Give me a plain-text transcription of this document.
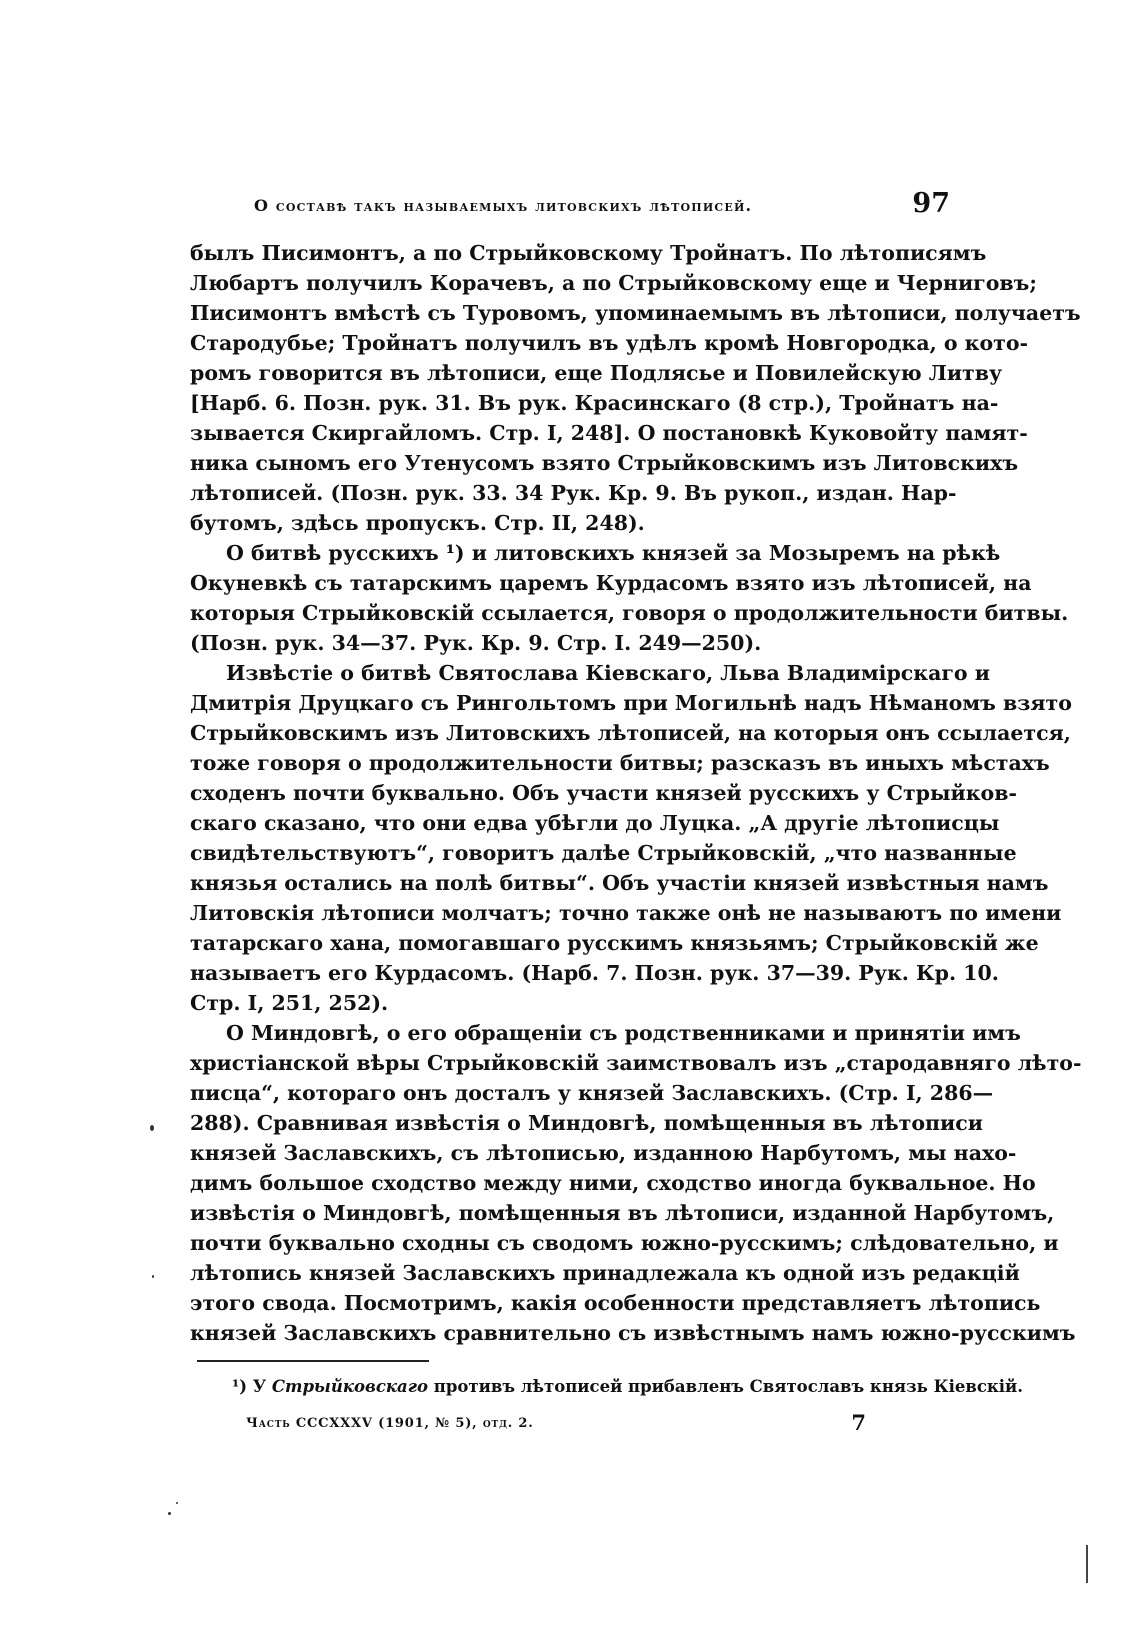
О составѣ такъ называемыхъ литовскихъ лѣтописей.	97
былъ Писимонтъ, а по Стрыйковскому Тройнатъ. По лѣтописямъ
Любартъ получилъ Корачевъ, а по Стрыйковскому еще и Черниговъ;
Писимонтъ вмѣстѣ съ Туровомъ, упоминаемымъ въ лѣтописи, получаетъ
Стародубье; Тройнатъ получилъ въ удѣлъ кромѣ Новгородка, о кото-
ромъ говорится въ лѣтописи, еще Подлясье и Повилейскую Литву
[Нарб. 6. Позн. рук. 31. Въ рук. Красинскаго (8 стр.), Тройнатъ на-
зывается Скиргайломъ. Стр. I, 248]. О постановкѣ Куковойту памят-
ника сыномъ его Утенусомъ взято Стрыйковскимъ изъ Литовскихъ
лѣтописей. (Позн. рук. 33. 34 Рук. Кр. 9. Въ рукоп., издан. Нар-
бутомъ, здѣсь пропускъ. Стр. II, 248).
О битвѣ русскихъ ¹) и литовскихъ князей за Мозыремъ на рѣкѣ
Окуневкѣ съ татарскимъ царемъ Курдасомъ взято изъ лѣтописей, на
которыя Стрыйковскій ссылается, говоря о продолжительности битвы.
(Позн. рук. 34—37. Рук. Кр. 9. Стр. I. 249—250).
Извѣстіе о битвѣ Святослава Кіевскаго, Льва Владимірскаго и
Дмитрія Друцкаго съ Рингольтомъ при Могильнѣ надъ Нѣманомъ взято
Стрыйковскимъ изъ Литовскихъ лѣтописей, на которыя онъ ссылается,
тоже говоря о продолжительности битвы; разсказъ въ иныхъ мѣстахъ
сходенъ почти буквально. Объ участи князей русскихъ у Стрыйков-
скаго сказано, что они едва убѣгли до Луцка. „А другіе лѣтописцы
свидѣтельствуютъ“, говоритъ далѣе Стрыйковскій, „что названные
князья остались на полѣ битвы“. Объ участіи князей извѣстныя намъ
Литовскія лѣтописи молчатъ; точно также онѣ не называютъ по имени
татарскаго хана, помогавшаго русскимъ князьямъ; Стрыйковскій же
называетъ его Курдасомъ. (Нарб. 7. Позн. рук. 37—39. Рук. Кр. 10.
Стр. I, 251, 252).
О Миндовгѣ, о его обращеніи съ родственниками и принятіи имъ
христіанской вѣры Стрыйковскій заимствовалъ изъ „стародавняго лѣто-
писца“, котораго онъ досталъ у князей Заславскихъ. (Стр. I, 286—
288). Сравнивая извѣстія о Миндовгѣ, помѣщенныя въ лѣтописи
князей Заславскихъ, съ лѣтописью, изданною Нарбутомъ, мы нахо-
димъ большое сходство между ними, сходство иногда буквальное. Но
извѣстія о Миндовгѣ, помѣщенныя въ лѣтописи, изданной Нарбутомъ,
почти буквально сходны съ сводомъ южно-русскимъ; слѣдовательно, и
лѣтопись князей Заславскихъ принадлежала къ одной изъ редакцій
этого свода. Посмотримъ, какія особенности представляетъ лѣтопись
князей Заславскихъ сравнительно съ извѣстнымъ намъ южно-русскимъ
¹) У Стрыйковскаго противъ лѣтописей прибавленъ Святославъ князь Кіевскій.
Часть CCCXXXV (1901, № 5), отд. 2.	7
